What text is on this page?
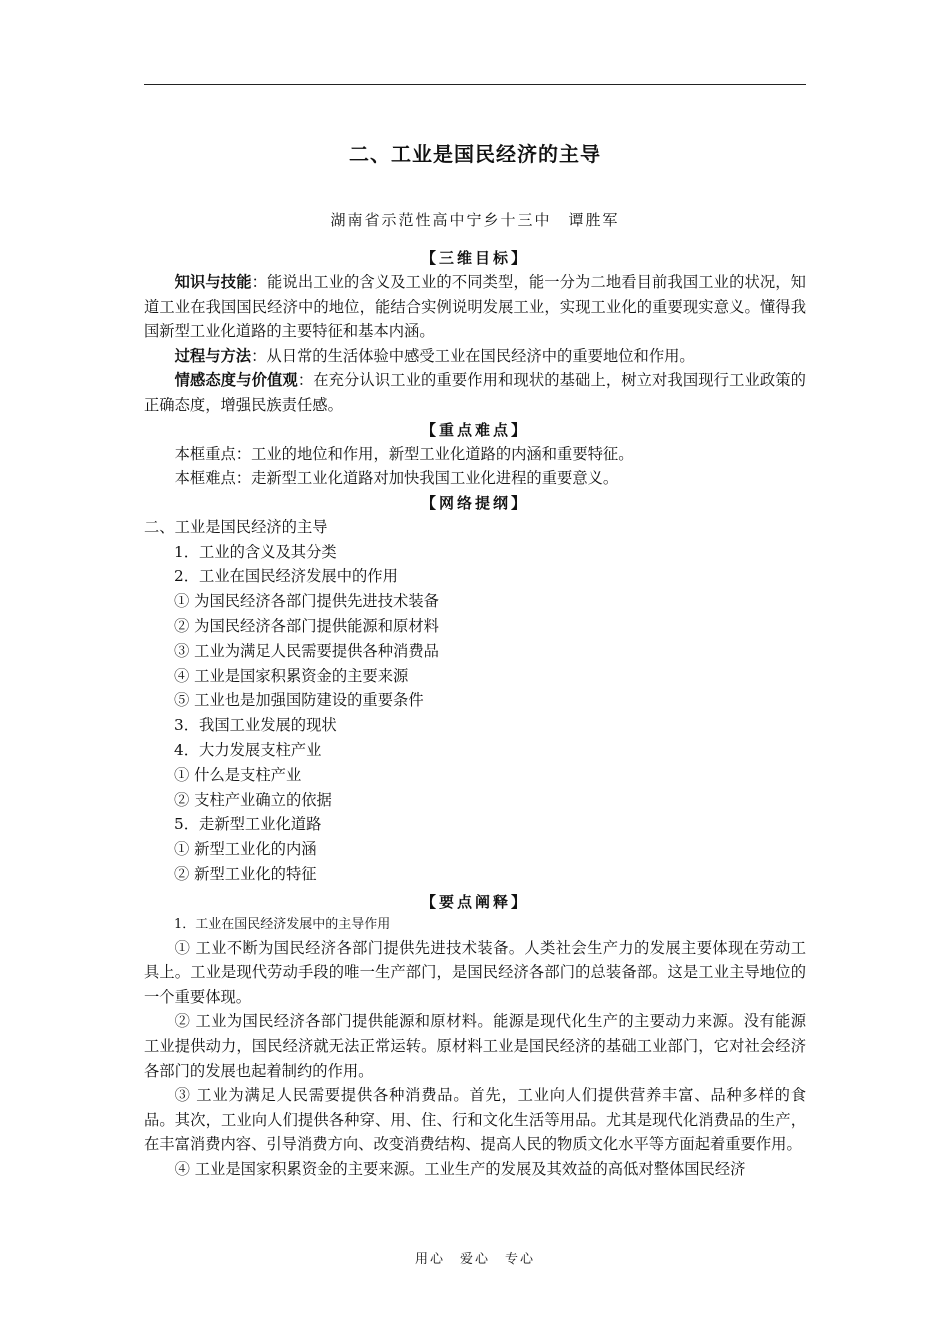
二、工业是国民经济的主导
湖南省示范性高中宁乡十三中　谭胜军
【三维目标】

知识与技能：能说出工业的含义及工业的不同类型，能一分为二地看目前我国工业的状况，知道工业在我国国民经济中的地位，能结合实例说明发展工业，实现工业化的重要现实意义。懂得我国新型工业化道路的主要特征和基本内涵。

过程与方法：从日常的生活体验中感受工业在国民经济中的重要地位和作用。

情感态度与价值观：在充分认识工业的重要作用和现状的基础上，树立对我国现行工业政策的正确态度，增强民族责任感。

【重点难点】

本框重点：工业的地位和作用，新型工业化道路的内涵和重要特征。

本框难点：走新型工业化道路对加快我国工业化进程的重要意义。

【网络提纲】

二、工业是国民经济的主导

1．工业的含义及其分类

2．工业在国民经济发展中的作用

① 为国民经济各部门提供先进技术装备

② 为国民经济各部门提供能源和原材料

③ 工业为满足人民需要提供各种消费品

④ 工业是国家积累资金的主要来源

⑤ 工业也是加强国防建设的重要条件

3．我国工业发展的现状

4．大力发展支柱产业

① 什么是支柱产业

② 支柱产业确立的依据

5．走新型工业化道路

① 新型工业化的内涵

② 新型工业化的特征

【要点阐释】
1．工业在国民经济发展中的主导作用

① 工业不断为国民经济各部门提供先进技术装备。人类社会生产力的发展主要体现在劳动工具上。工业是现代劳动手段的唯一生产部门，是国民经济各部门的总装备部。这是工业主导地位的一个重要体现。

② 工业为国民经济各部门提供能源和原材料。能源是现代化生产的主要动力来源。没有能源工业提供动力，国民经济就无法正常运转。原材料工业是国民经济的基础工业部门，它对社会经济各部门的发展也起着制约的作用。

③ 工业为满足人民需要提供各种消费品。首先，工业向人们提供营养丰富、品种多样的食品。其次，工业向人们提供各种穿、用、住、行和文化生活等用品。尤其是现代化消费品的生产，在丰富消费内容、引导消费方向、改变消费结构、提高人民的物质文化水平等方面起着重要作用。

④ 工业是国家积累资金的主要来源。工业生产的发展及其效益的高低对整体国民经济

用心　爱心　专心
